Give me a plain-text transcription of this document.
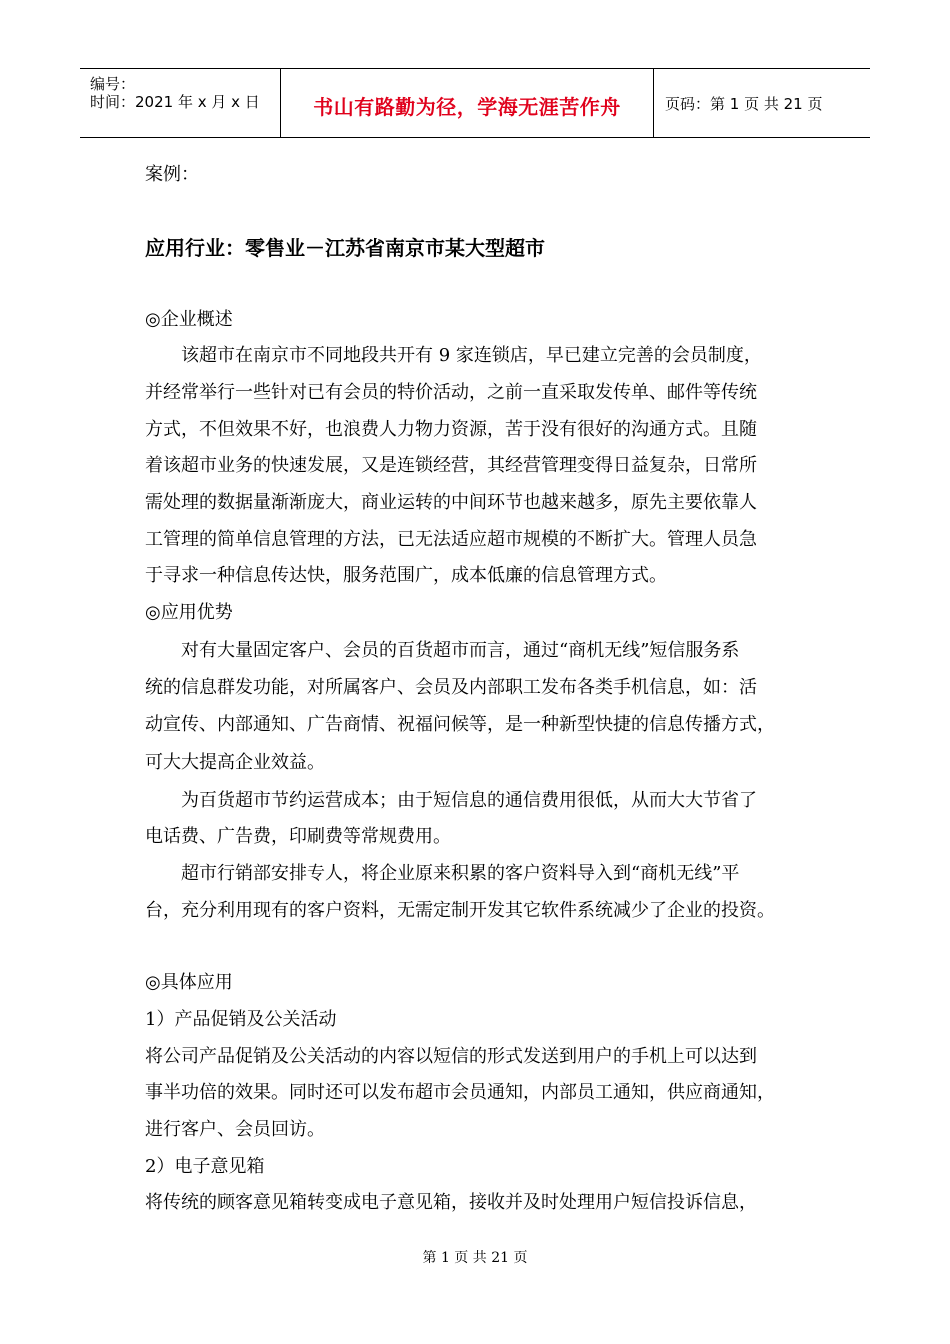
编号：
时间：2021 年 x 月 x 日	书山有路勤为径，学海无涯苦作舟	页码：第 1 页 共 21 页
案例：
应用行业：零售业－江苏省南京市某大型超市
◎企业概述
　　该超市在南京市不同地段共开有 9 家连锁店，早已建立完善的会员制度，
并经常举行一些针对已有会员的特价活动，之前一直采取发传单、邮件等传统
方式，不但效果不好，也浪费人力物力资源，苦于没有很好的沟通方式。且随
着该超市业务的快速发展，又是连锁经营，其经营管理变得日益复杂，日常所
需处理的数据量渐渐庞大，商业运转的中间环节也越来越多，原先主要依靠人
工管理的简单信息管理的方法，已无法适应超市规模的不断扩大。管理人员急
于寻求一种信息传达快，服务范围广，成本低廉的信息管理方式。
◎应用优势
　　对有大量固定客户、会员的百货超市而言，通过“商机无线”短信服务系
统的信息群发功能，对所属客户、会员及内部职工发布各类手机信息，如：活
动宣传、内部通知、广告商情、祝福问候等，是一种新型快捷的信息传播方式，
可大大提高企业效益。
　　为百货超市节约运营成本；由于短信息的通信费用很低，从而大大节省了
电话费、广告费，印刷费等常规费用。
　　超市行销部安排专人，将企业原来积累的客户资料导入到“商机无线”平
台，充分利用现有的客户资料，无需定制开发其它软件系统减少了企业的投资。
◎具体应用
1）产品促销及公关活动
将公司产品促销及公关活动的内容以短信的形式发送到用户的手机上可以达到
事半功倍的效果。同时还可以发布超市会员通知，内部员工通知，供应商通知，
进行客户、会员回访。
2）电子意见箱
将传统的顾客意见箱转变成电子意见箱，接收并及时处理用户短信投诉信息，
第 1 页 共 21 页
